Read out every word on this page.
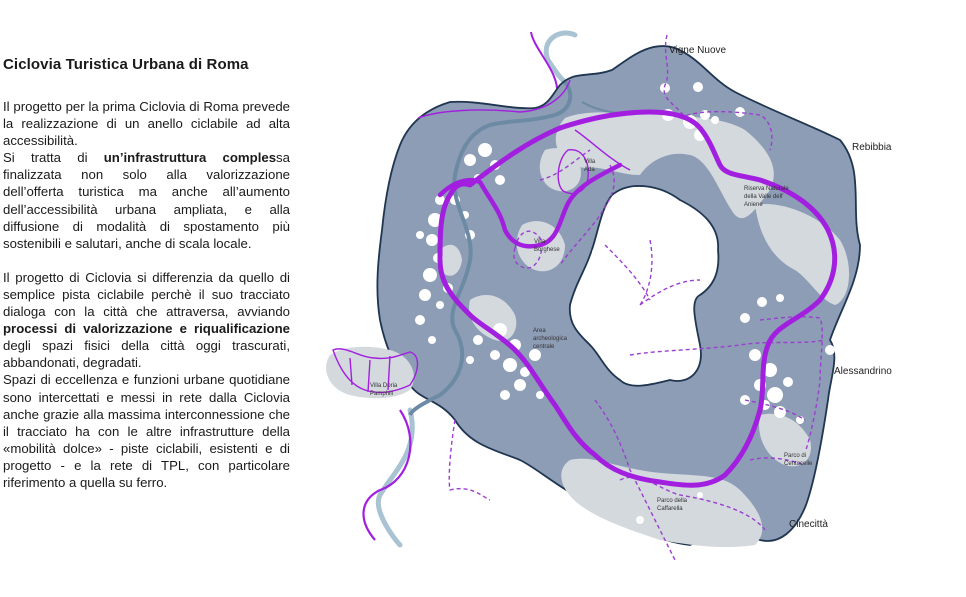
Ciclovia Turistica Urbana di Roma

Il progetto per la prima Ciclovia di Roma prevede la realizzazione di un anello ciclabile ad alta accessibilità.

Si tratta di un’infrastruttura complessa finalizzata non solo alla valorizzazione dell’offerta turistica ma anche all’aumento dell’accessibilità urbana ampliata, e alla diffusione di modalità di spostamento più sostenibili e salutari, anche di scala locale.

Il progetto di Ciclovia si differenzia da quello di semplice pista ciclabile perchè il suo tracciato dialoga con la città che attraversa, avviando processi di valorizzazione e riqualificazione degli spazi fisici della città oggi trascurati, abbandonati, degradati.

Spazi di eccellenza e funzioni urbane quotidiane sono intercettati e messi in rete dalla Ciclovia anche grazie alla massima interconnessione che il tracciato ha con le altre infrastrutture della «mobilità dolce» - piste ciclabili, esistenti e di progetto - e la rete di TPL, con particolare riferimento a quella su ferro.

Vigne Nuove
Rebibbia
Alessandrino
Cinecittà
Villa
Ada
Riserva Naturale
della Valle dell'
Aniene
Villa
Borghese
Area
archeologica
centrale
Villa Doria
Pamphili
Parco di
Centocelle
Parco della
Caffarella
